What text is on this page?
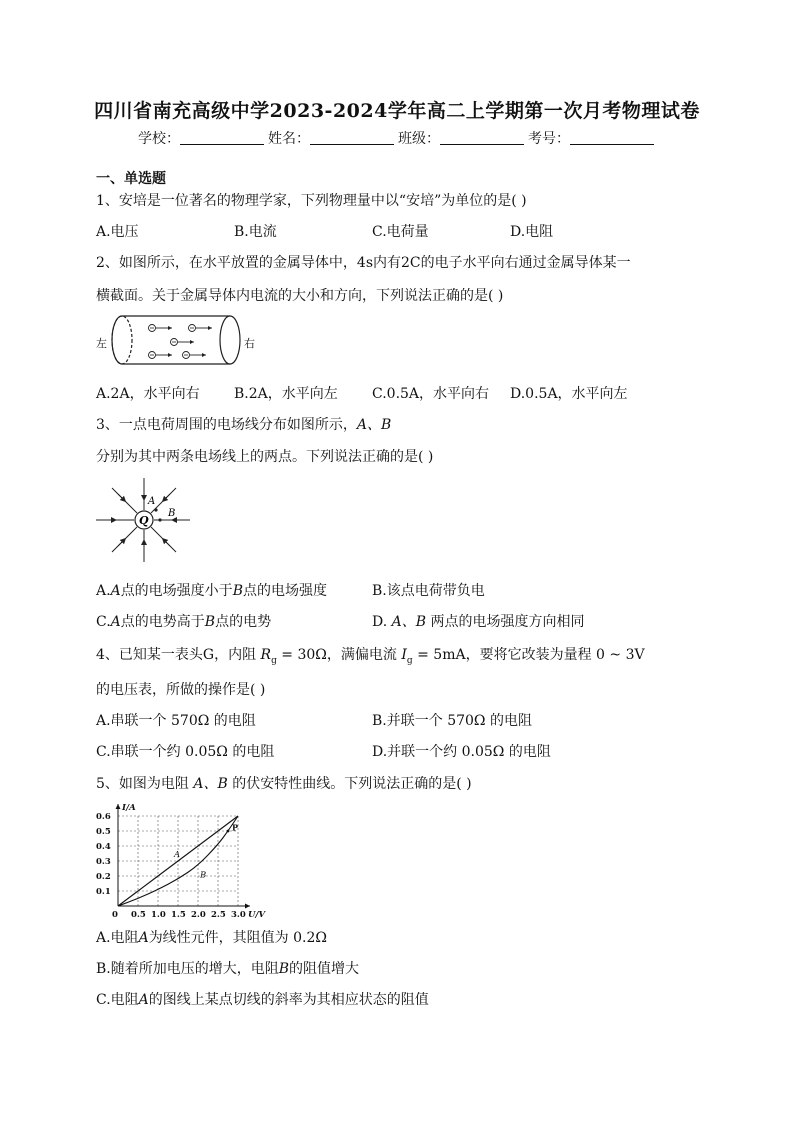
四川省南充高级中学2023-2024学年高二上学期第一次月考物理试卷
学校：	姓名：	班级：	考号：
一、单选题
1、安培是一位著名的物理学家，下列物理量中以“安培”为单位的是( )
A.电压	B.电流	C.电荷量	D.电阻
2、如图所示，在水平放置的金属导体中，4s内有2C的电子水平向右通过金属导体某一
横截面。关于金属导体内电流的大小和方向，下列说法正确的是( )
左	右
A.2A，水平向右 B.2A，水平向左 C.0.5A，水平向右 D.0.5A，水平向左
3、一点电荷周围的电场线分布如图所示，A、B
分别为其中两条电场线上的两点。下列说法正确的是( )
Q
A
B
A.A点的电场强度小于B点的电场强度	B.该点电荷带负电
C.A点的电势高于B点的电势	D. A、B 两点的电场强度方向相同
4、已知某一表头G，内阻 $R_g = 30\Omega$，满偏电流 $I_g = 5mA$，要将它改装为量程 0 ~ 3V
的电压表，所做的操作是( )
A.串联一个 570Ω 的电阻	B.并联一个 570Ω 的电阻
C.串联一个约 0.05Ω 的电阻	D.并联一个约 0.05Ω 的电阻
5、如图为电阻 A、B 的伏安特性曲线。下列说法正确的是( )
0 0.5 1.0 1.5 2.0 2.5 3.0
0.1
0.2
0.3
0.4
0.5
0.6
U/V
I/A
A
B
P
A.电阻A为线性元件，其阻值为 0.2Ω
B.随着所加电压的增大，电阻B的阻值增大
C.电阻A的图线上某点切线的斜率为其相应状态的阻值
